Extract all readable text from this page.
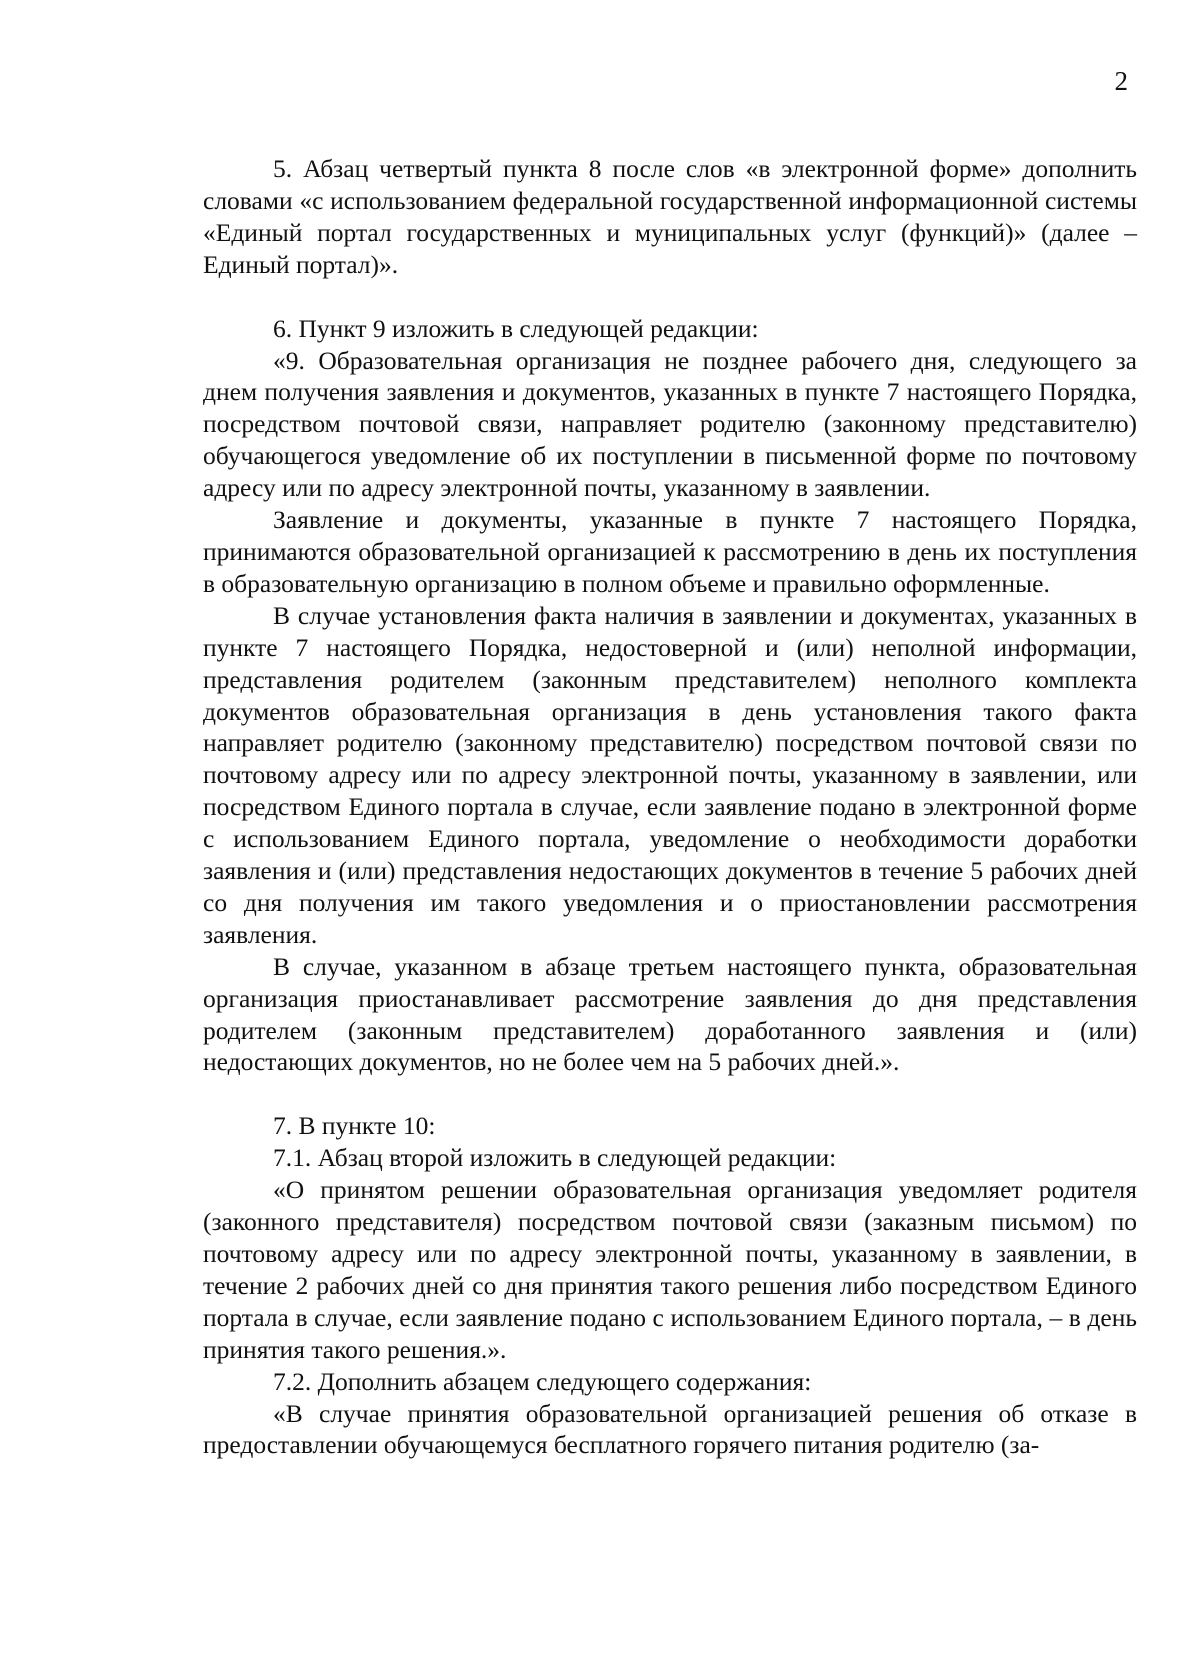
2

5. Абзац четвертый пункта 8 после слов «в электронной форме» дополнить словами «с использованием федеральной государственной информационной системы «Единый портал государственных и муниципальных услуг (функций)» (далее – Единый портал)».

6. Пункт 9 изложить в следующей редакции:

«9. Образовательная организация не позднее рабочего дня, следующего за днем получения заявления и документов, указанных в пункте 7 настоящего Порядка, посредством почтовой связи, направляет родителю (законному представителю) обучающегося уведомление об их поступлении в письменной форме по почтовому адресу или по адресу электронной почты, указанному в заявлении.

Заявление и документы, указанные в пункте 7 настоящего Порядка, принимаются образовательной организацией к рассмотрению в день их поступления в образовательную организацию в полном объеме и правильно оформленные.

В случае установления факта наличия в заявлении и документах, указанных в пункте 7 настоящего Порядка, недостоверной и (или) неполной информации, представления родителем (законным представителем) неполного комплекта документов образовательная организация в день установления такого факта направляет родителю (законному представителю) посредством почтовой связи по почтовому адресу или по адресу электронной почты, указанному в заявлении, или посредством Единого портала в случае, если заявление подано в электронной форме с использованием Единого портала, уведомление о необходимости доработки заявления и (или) представления недостающих документов в течение 5 рабочих дней со дня получения им такого уведомления и о приостановлении рассмотрения заявления.

В случае, указанном в абзаце третьем настоящего пункта, образовательная организация приостанавливает рассмотрение заявления до дня представления родителем (законным представителем) доработанного заявления и (или) недостающих документов, но не более чем на 5 рабочих дней.».

7. В пункте 10:

7.1. Абзац второй изложить в следующей редакции:

«О принятом решении образовательная организация уведомляет родителя (законного представителя) посредством почтовой связи (заказным письмом) по почтовому адресу или по адресу электронной почты, указанному в заявлении, в течение 2 рабочих дней со дня принятия такого решения либо посредством Единого портала в случае, если заявление подано с использованием Единого портала, – в день принятия такого решения.».

7.2. Дополнить абзацем следующего содержания:

«В случае принятия образовательной организацией решения об отказе в предоставлении обучающемуся бесплатного горячего питания родителю (за-
